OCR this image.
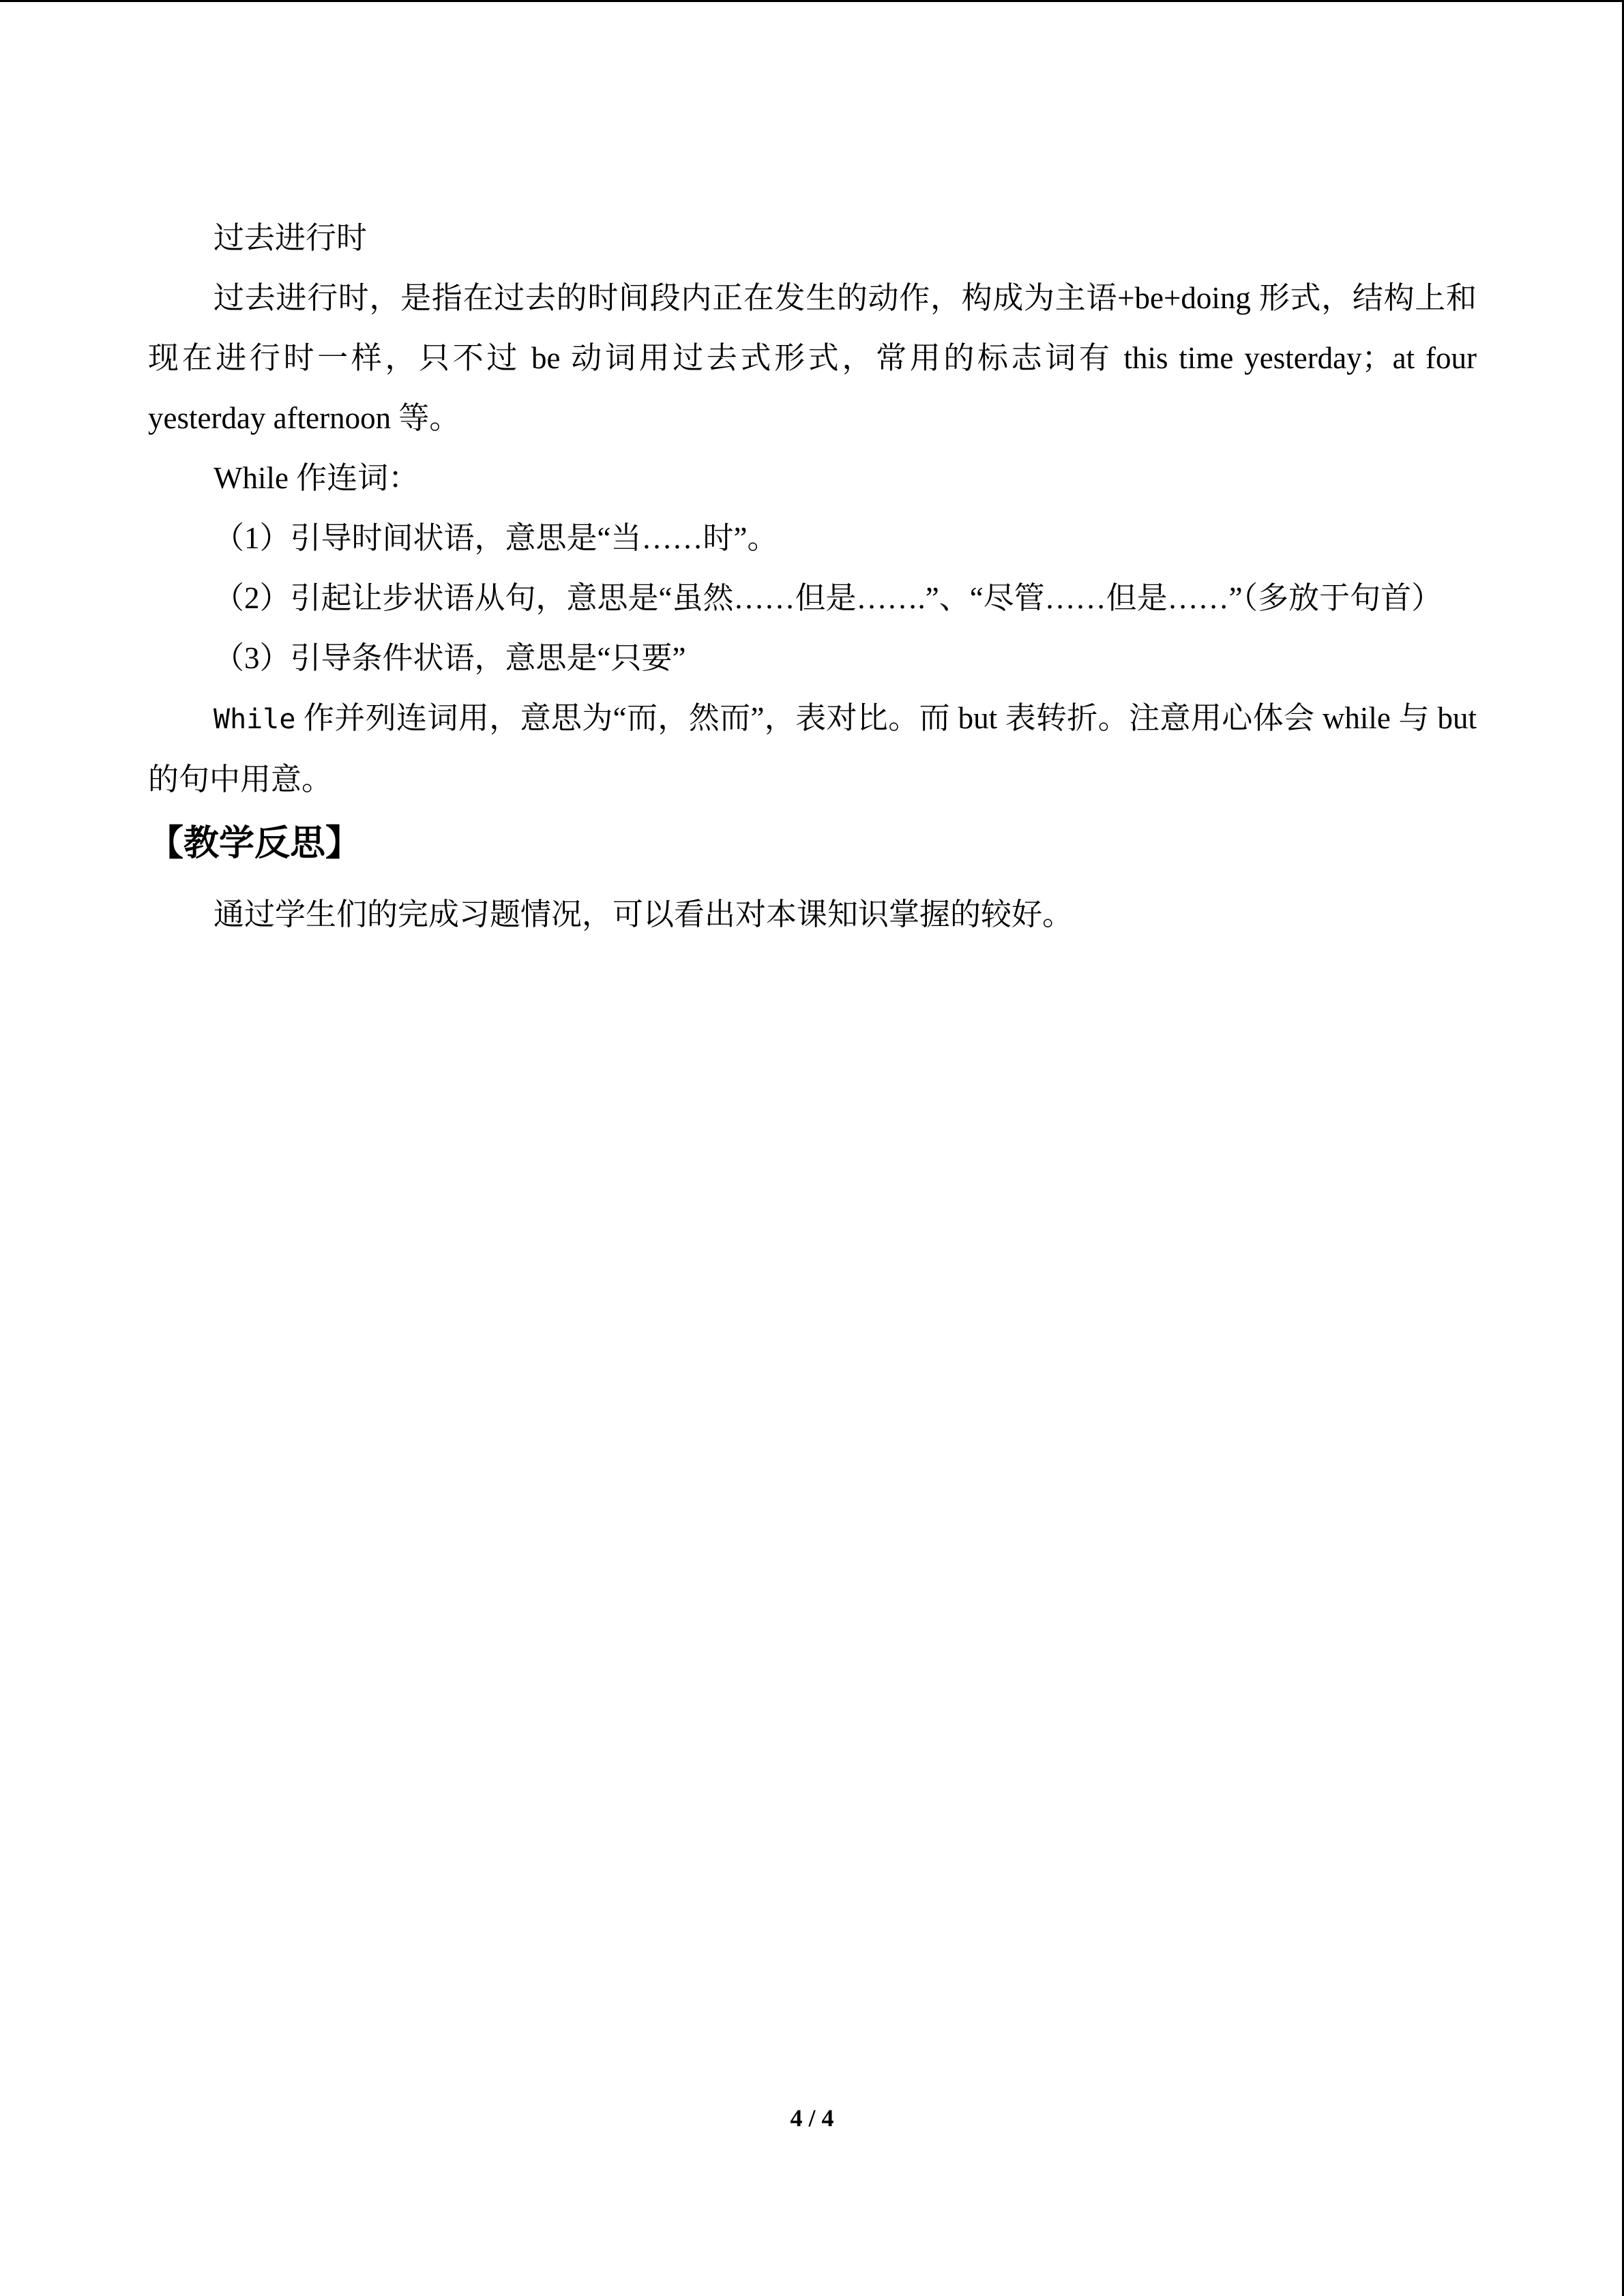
过去进行时

过去进行时，是指在过去的时间段内正在发生的动作，构成为主语+be+doing 形式，结构上和现在进行时一样，只不过 be 动词用过去式形式，常用的标志词有 this time yesterday；at four yesterday afternoon 等。

While 作连词：

（1）引导时间状语，意思是“当……时”。

（2）引起让步状语从句，意思是“虽然……但是…….”、“尽管……但是……”（多放于句首）

（3）引导条件状语，意思是“只要”

While 作并列连词用，意思为“而，然而”，表对比。而 but 表转折。注意用心体会 while 与 but 的句中用意。

【教学反思】

通过学生们的完成习题情况，可以看出对本课知识掌握的较好。

4 / 4
